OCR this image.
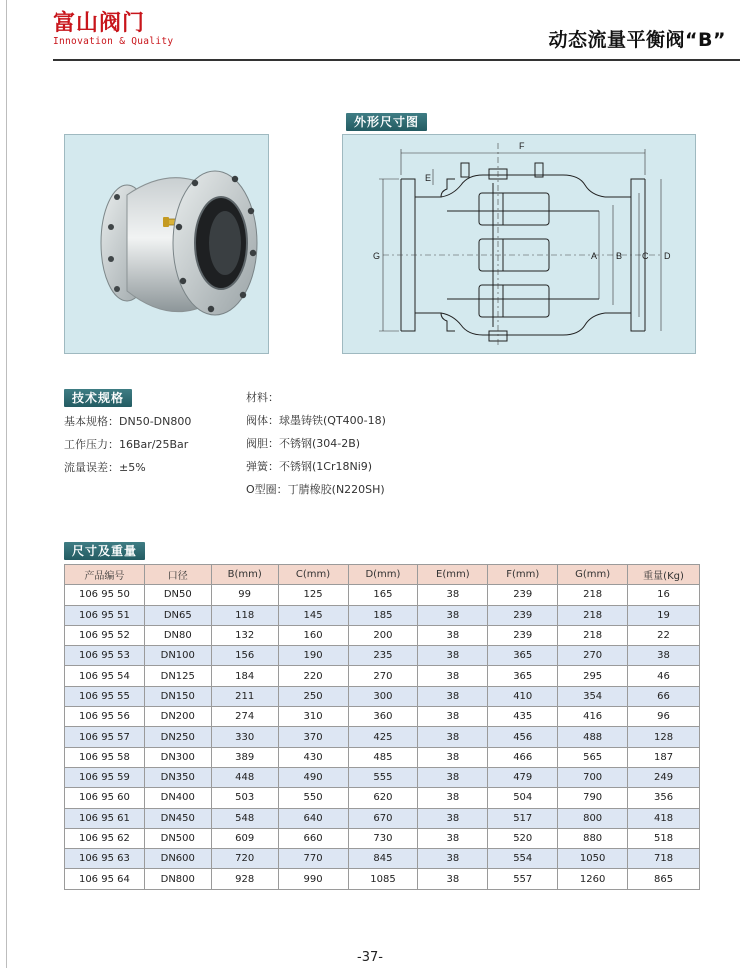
富山阀门
Innovation & Quality	动态流量平衡阀“B”
外形尺寸图
F
G	A B C D
E
技术规格
基本规格：DN50-DN800
工作压力：16Bar/25Bar
流量误差：±5%
材料：
阀体：球墨铸铁(QT400-18)
阀胆：不锈钢(304-2B)
弹簧：不锈钢(1Cr18Ni9)
O型圈：丁腈橡胶(N220SH)
尺寸及重量
产品编号	口径	B(mm)	C(mm)	D(mm)	E(mm)	F(mm)	G(mm)	重量(Kg)
106 95 50	DN50	99	125	165	38	239	218	16
106 95 51	DN65	118	145	185	38	239	218	19
106 95 52	DN80	132	160	200	38	239	218	22
106 95 53	DN100	156	190	235	38	365	270	38
106 95 54	DN125	184	220	270	38	365	295	46
106 95 55	DN150	211	250	300	38	410	354	66
106 95 56	DN200	274	310	360	38	435	416	96
106 95 57	DN250	330	370	425	38	456	488	128
106 95 58	DN300	389	430	485	38	466	565	187
106 95 59	DN350	448	490	555	38	479	700	249
106 95 60	DN400	503	550	620	38	504	790	356
106 95 61	DN450	548	640	670	38	517	800	418
106 95 62	DN500	609	660	730	38	520	880	518
106 95 63	DN600	720	770	845	38	554	1050	718
106 95 64	DN800	928	990	1085	38	557	1260	865
-37-
